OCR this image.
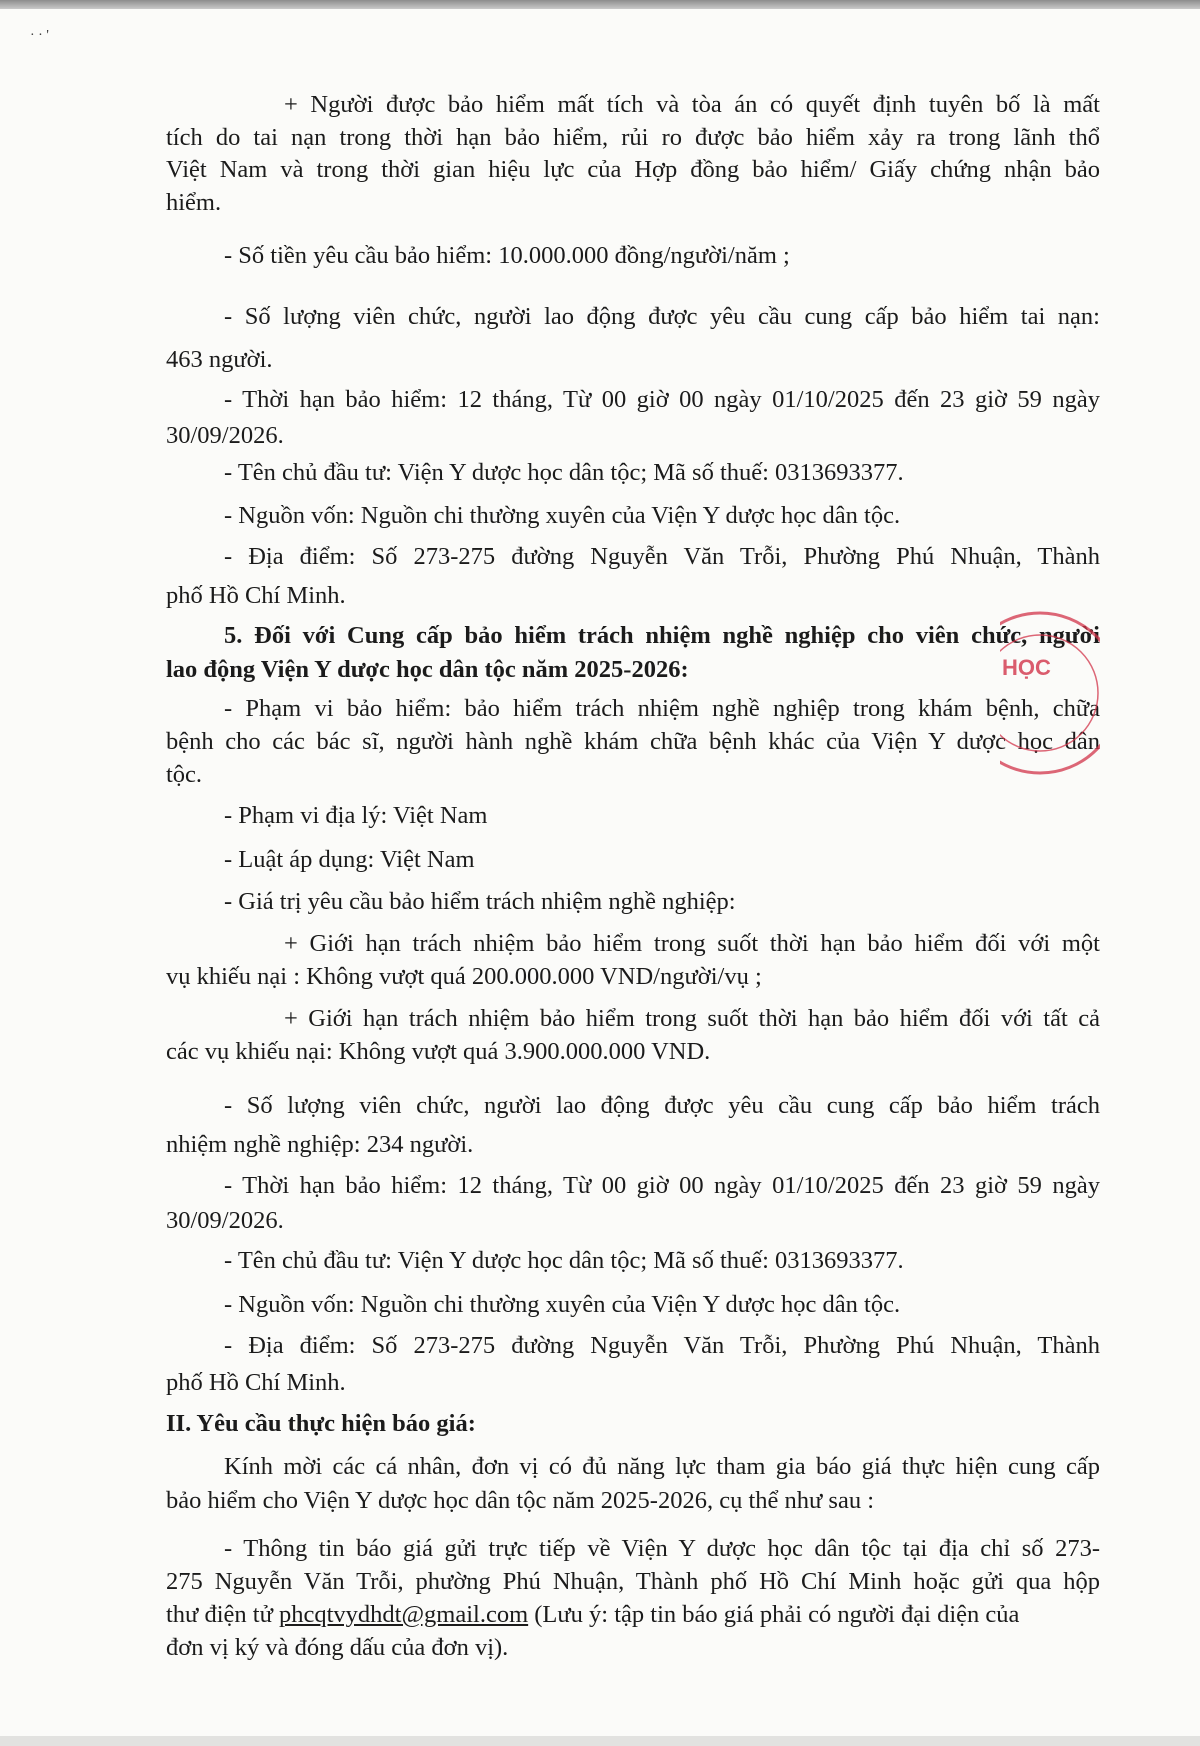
· · '
+ Người được bảo hiểm mất tích và tòa án có quyết định tuyên bố là mất
tích do tai nạn trong thời hạn bảo hiểm, rủi ro được bảo hiểm xảy ra trong lãnh thổ
Việt Nam và trong thời gian hiệu lực của Hợp đồng bảo hiểm/ Giấy chứng nhận bảo
hiểm.
- Số tiền yêu cầu bảo hiểm: 10.000.000 đồng/người/năm ;
- Số lượng viên chức, người lao động được yêu cầu cung cấp bảo hiểm tai nạn:
463 người.
- Thời hạn bảo hiểm: 12 tháng, Từ 00 giờ 00 ngày 01/10/2025 đến 23 giờ 59 ngày
30/09/2026.
- Tên chủ đầu tư: Viện Y dược học dân tộc; Mã số thuế: 0313693377.
- Nguồn vốn: Nguồn chi thường xuyên của Viện Y dược học dân tộc.
- Địa điểm: Số 273-275 đường Nguyễn Văn Trỗi, Phường Phú Nhuận, Thành
phố Hồ Chí Minh.
5. Đối với Cung cấp bảo hiểm trách nhiệm nghề nghiệp cho viên chức, người
lao động Viện Y dược học dân tộc năm 2025-2026:
- Phạm vi bảo hiểm: bảo hiểm trách nhiệm nghề nghiệp trong khám bệnh, chữa
bệnh cho các bác sĩ, người hành nghề khám chữa bệnh khác của Viện Y dược học dân
tộc.
- Phạm vi địa lý: Việt Nam
- Luật áp dụng: Việt Nam
- Giá trị yêu cầu bảo hiểm trách nhiệm nghề nghiệp:
+ Giới hạn trách nhiệm bảo hiểm trong suốt thời hạn bảo hiểm đối với một
vụ khiếu nại : Không vượt quá 200.000.000 VND/người/vụ ;
+ Giới hạn trách nhiệm bảo hiểm trong suốt thời hạn bảo hiểm đối với tất cả
các vụ khiếu nại: Không vượt quá 3.900.000.000 VND.
- Số lượng viên chức, người lao động được yêu cầu cung cấp bảo hiểm trách
nhiệm nghề nghiệp: 234 người.
- Thời hạn bảo hiểm: 12 tháng, Từ 00 giờ 00 ngày 01/10/2025 đến 23 giờ 59 ngày
30/09/2026.
- Tên chủ đầu tư: Viện Y dược học dân tộc; Mã số thuế: 0313693377.
- Nguồn vốn: Nguồn chi thường xuyên của Viện Y dược học dân tộc.
- Địa điểm: Số 273-275 đường Nguyễn Văn Trỗi, Phường Phú Nhuận, Thành
phố Hồ Chí Minh.
II. Yêu cầu thực hiện báo giá:
Kính mời các cá nhân, đơn vị có đủ năng lực tham gia báo giá thực hiện cung cấp
bảo hiểm cho Viện Y dược học dân tộc năm 2025-2026, cụ thể như sau :
- Thông tin báo giá gửi trực tiếp về Viện Y dược học dân tộc tại địa chỉ số 273-
275 Nguyễn Văn Trỗi, phường Phú Nhuận, Thành phố Hồ Chí Minh hoặc gửi qua hộp
thư điện tử phcqtvydhdt@gmail.com (Lưu ý: tập tin báo giá phải có người đại diện của
đơn vị ký và đóng dấu của đơn vị).
HỌC
